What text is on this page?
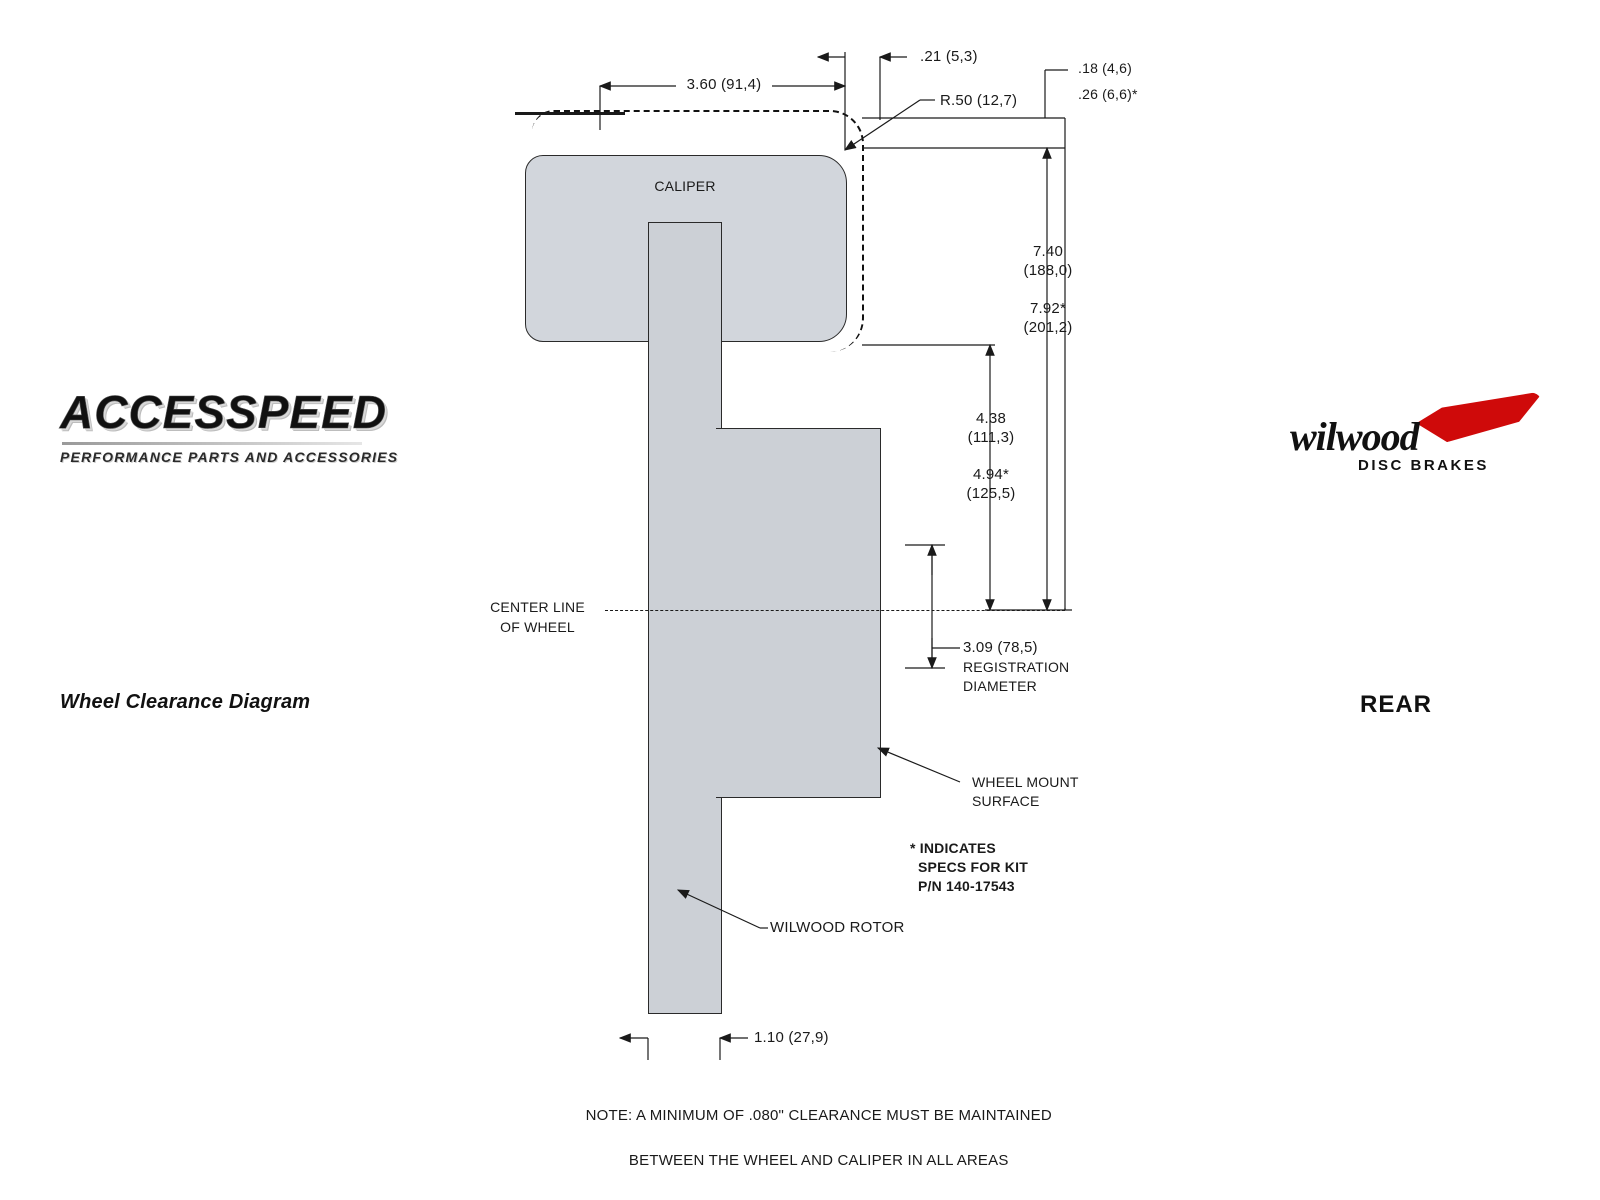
ACCESSPEED
PERFORMANCE PARTS AND ACCESSORIES	wilwood
DISC BRAKES
Wheel Clearance Diagram	REAR
CALIPER
CENTER LINE
OF WHEEL
3.60 (91,4)
.21 (5,3)
.18 (4,6)
.26 (6,6)*
R.50 (12,7)
7.40
(188,0)
7.92*
(201,2)
4.38
(111,3)
4.94*
(125,5)
3.09 (78,5)
REGISTRATION
DIAMETER
WHEEL MOUNT
SURFACE
* INDICATES
SPECS FOR KIT
P/N 140-17543
WILWOOD ROTOR
1.10 (27,9)

NOTE: A MINIMUM OF .080" CLEARANCE MUST BE MAINTAINED

BETWEEN THE WHEEL AND CALIPER IN ALL AREAS
